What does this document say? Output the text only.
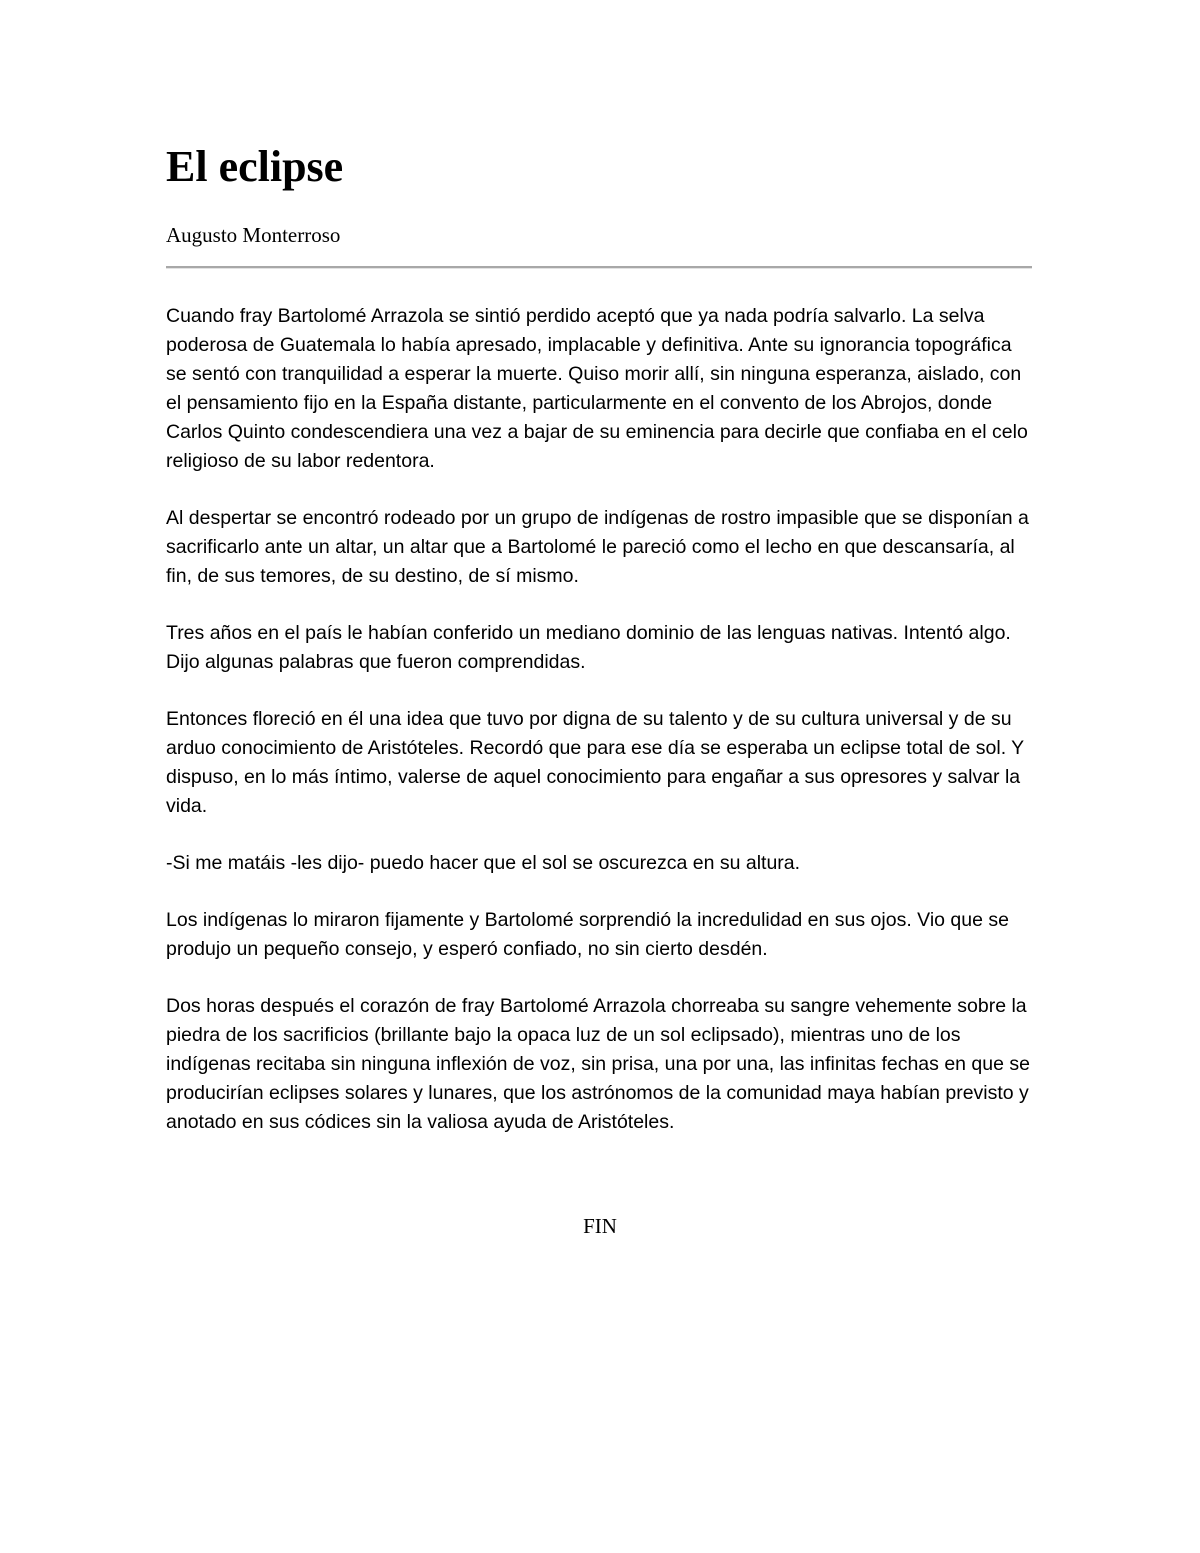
El eclipse

Augusto Monterroso

Cuando fray Bartolomé Arrazola se sintió perdido aceptó que ya nada podría salvarlo. La selva poderosa de Guatemala lo había apresado, implacable y definitiva. Ante su ignorancia topográfica se sentó con tranquilidad a esperar la muerte. Quiso morir allí, sin ninguna esperanza, aislado, con el pensamiento fijo en la España distante, particularmente en el convento de los Abrojos, donde Carlos Quinto condescendiera una vez a bajar de su eminencia para decirle que confiaba en el celo religioso de su labor redentora.

Al despertar se encontró rodeado por un grupo de indígenas de rostro impasible que se disponían a sacrificarlo ante un altar, un altar que a Bartolomé le pareció como el lecho en que descansaría, al fin, de sus temores, de su destino, de sí mismo.

Tres años en el país le habían conferido un mediano dominio de las lenguas nativas. Intentó algo. Dijo algunas palabras que fueron comprendidas.

Entonces floreció en él una idea que tuvo por digna de su talento y de su cultura universal y de su arduo conocimiento de Aristóteles. Recordó que para ese día se esperaba un eclipse total de sol. Y dispuso, en lo más íntimo, valerse de aquel conocimiento para engañar a sus opresores y salvar la vida.

-Si me matáis -les dijo- puedo hacer que el sol se oscurezca en su altura.

Los indígenas lo miraron fijamente y Bartolomé sorprendió la incredulidad en sus ojos. Vio que se produjo un pequeño consejo, y esperó confiado, no sin cierto desdén.

Dos horas después el corazón de fray Bartolomé Arrazola chorreaba su sangre vehemente sobre la piedra de los sacrificios (brillante bajo la opaca luz de un sol eclipsado), mientras uno de los indígenas recitaba sin ninguna inflexión de voz, sin prisa, una por una, las infinitas fechas en que se producirían eclipses solares y lunares, que los astrónomos de la comunidad maya habían previsto y anotado en sus códices sin la valiosa ayuda de Aristóteles.

FIN
